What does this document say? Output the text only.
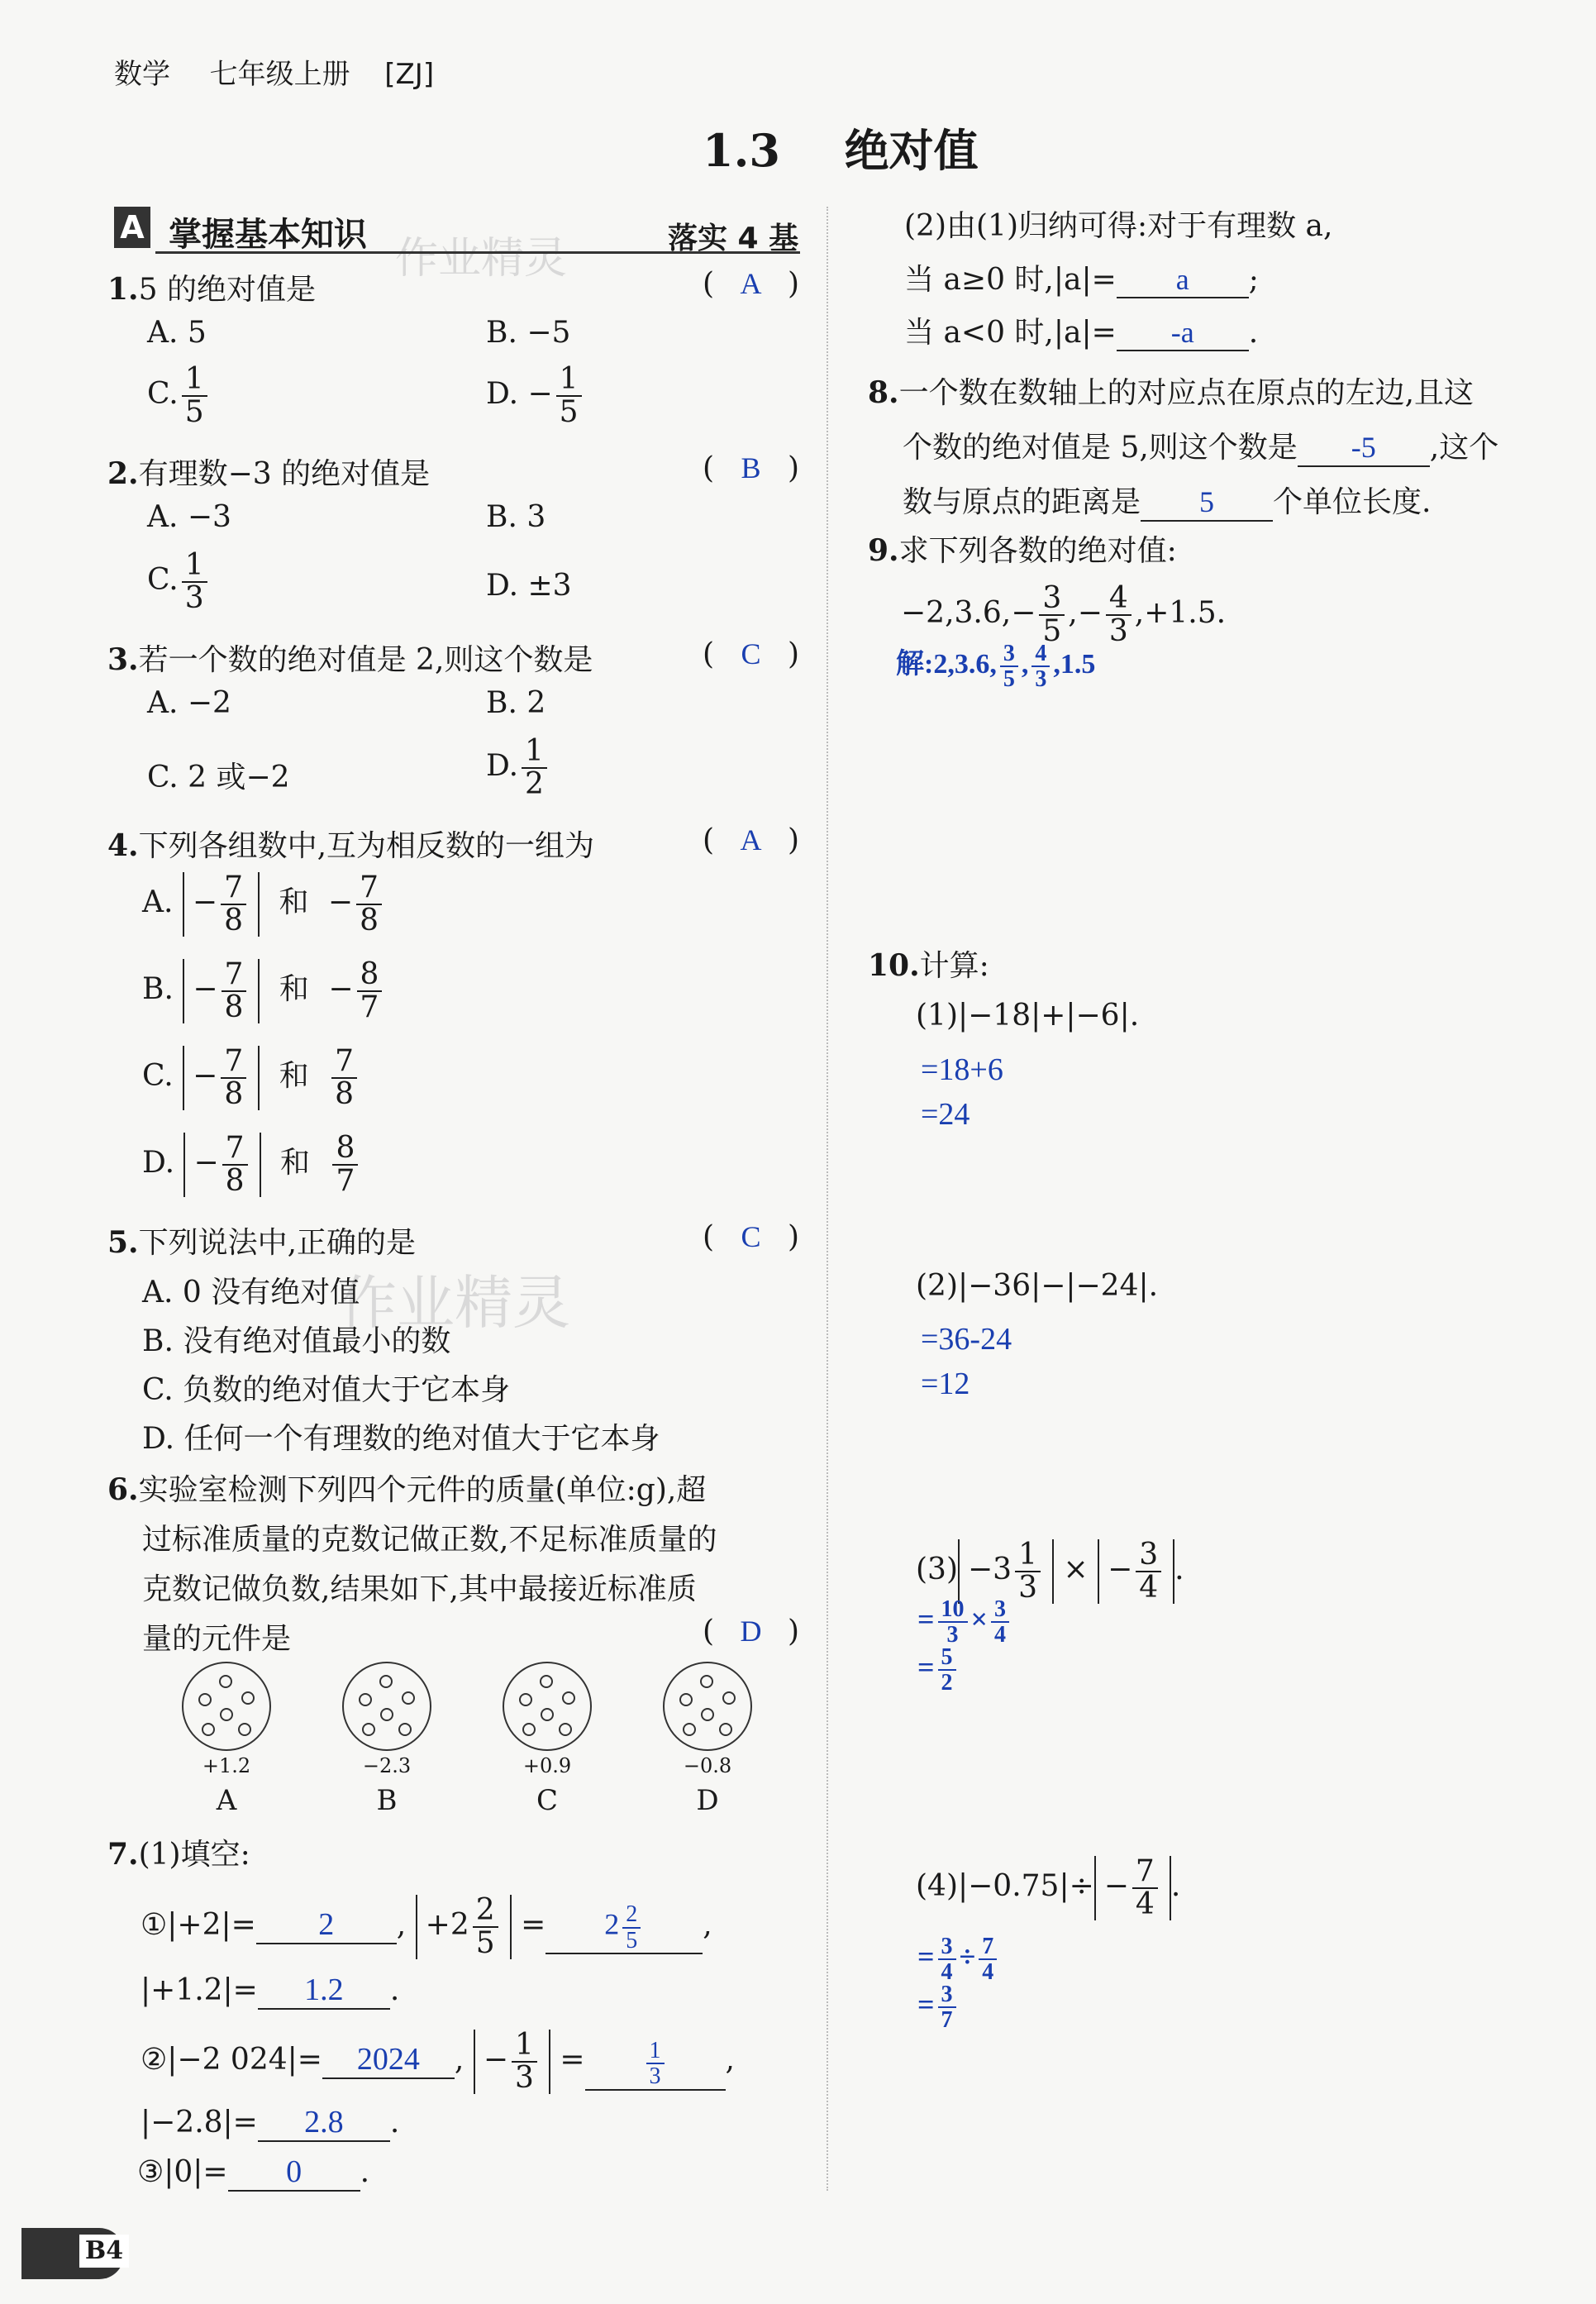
数学 七年级上册 [ZJ]
1.3 绝对值
A 掌握基本知识 作业精灵	落实 4 基
1.5 的绝对值是	( A )
A. 5	B. −5
C. $\frac{1}{5}$	D. − $\frac{1}{5}$
2.有理数−3 的绝对值是	( B )
A. −3	B. 3
C. $\frac{1}{3}$	D. ±3
3.若一个数的绝对值是 2,则这个数是	( C )
A. −2	B. 2
C. 2 或−2	D. $\frac{1}{2}$
4.下列各组数中,互为相反数的一组为	( A )
A. − $\frac{7}{8}$ 和 − $\frac{7}{8}$
B. − $\frac{7}{8}$ 和 − $\frac{8}{7}$
C. − $\frac{7}{8}$ 和 $\frac{7}{8}$
D. − $\frac{7}{8}$ 和 $\frac{8}{7}$
5.下列说法中,正确的是	( C )
作业精灵
A. 0 没有绝对值
B. 没有绝对值最小的数
C. 负数的绝对值大于它本身
D. 任何一个有理数的绝对值大于它本身
6.实验室检测下列四个元件的质量(单位:g),超
过标准质量的克数记做正数,不足标准质量的
克数记做负数,结果如下,其中最接近标准质
量的元件是	( D )
+1.2
A
−2.3
B
+0.9
C
−0.8
D
7.(1)填空:
①|+2|= 2 , $+2 \frac{2}{5} = 2 \frac{2}{5}$ ,
|+1.2|= 1.2 .
②|−2 024|= 2024 , − $\frac{1}{3}$ =	$\frac{1}{3}$ ,
|−2.8|= 2.8 .
③|0|= 0 .
B4
(2)由(1)归纳可得:对于有理数 a,
当 a≥0 时,|a|= a ;
当 a<0 时,|a|= -a .
8.一个数在数轴上的对应点在原点的左边,且这
个数的绝对值是 5,则这个数是 -5 ,这个
数与原点的距离是 5 个单位长度.
9.求下列各数的绝对值:
$-2,3.6,- \frac{3}{5}$ ,− $\frac{4}{3} ,+1.5$.
解:2,3.6, $\frac{3}{5}$ , $\frac{4}{3} ,1.5$
10.计算:
(1)|−18|+|−6|.
=18+6
=24
(2)|−36|−|−24|.
=36-24
=12
$(3) -3 \frac{1}{3}$ × − $\frac{3}{4}$ .
= $\frac{10}{3} \times \frac{3}{4}$
= $\frac{5}{2}$
$(4)|-0.75|\div - \frac{7}{4}$ .
= $\frac{3}{4} \div \frac{7}{4}$
= $\frac{3}{7}$
